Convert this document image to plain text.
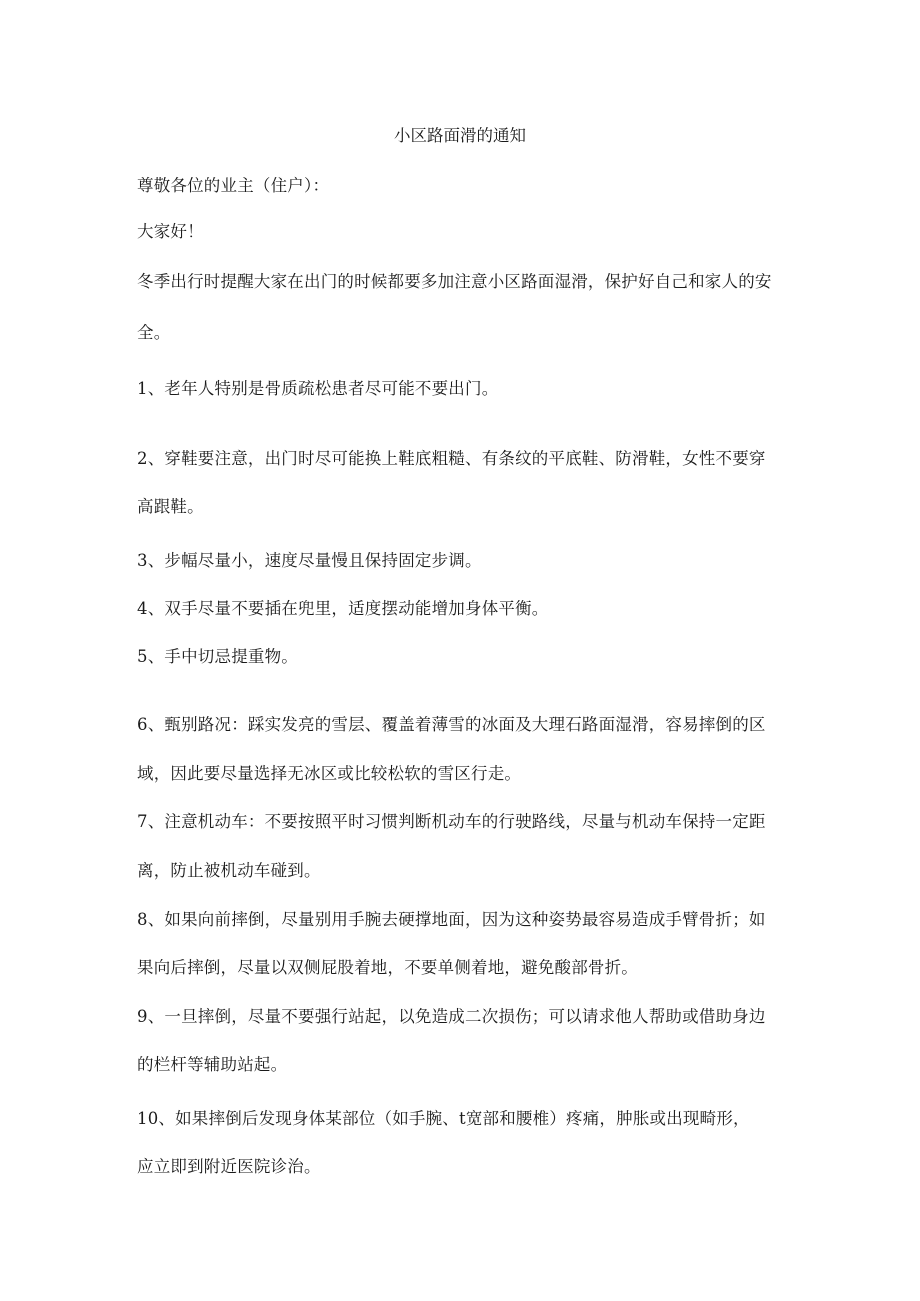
小区路面滑的通知
尊敬各位的业主（住户）：
大家好！
冬季出行时提醒大家在出门的时候都要多加注意小区路面湿滑，保护好自己和家人的安
全。
1、老年人特别是骨质疏松患者尽可能不要出门。
2、穿鞋要注意，出门时尽可能换上鞋底粗糙、有条纹的平底鞋、防滑鞋，女性不要穿
高跟鞋。
3、步幅尽量小，速度尽量慢且保持固定步调。
4、双手尽量不要插在兜里，适度摆动能增加身体平衡。
5、手中切忌提重物。
6、甄别路况：踩实发亮的雪层、覆盖着薄雪的冰面及大理石路面湿滑，容易摔倒的区
域，因此要尽量选择无冰区或比较松软的雪区行走。
7、注意机动车：不要按照平时习惯判断机动车的行驶路线，尽量与机动车保持一定距
离，防止被机动车碰到。
8、如果向前摔倒，尽量别用手腕去硬撑地面，因为这种姿势最容易造成手臂骨折；如
果向后摔倒，尽量以双侧屁股着地，不要单侧着地，避免酸部骨折。
9、一旦摔倒，尽量不要强行站起，以免造成二次损伤；可以请求他人帮助或借助身边
的栏杆等辅助站起。
10、如果摔倒后发现身体某部位（如手腕、t宽部和腰椎）疼痛，肿胀或出现畸形，
应立即到附近医院诊治。
